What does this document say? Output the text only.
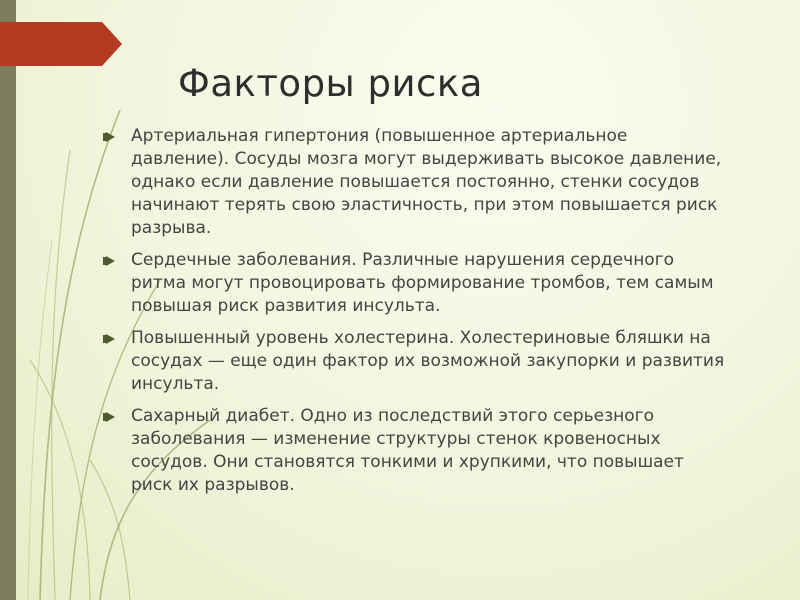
Факторы риска
Артериальная гипертония (повышенное артериальное давление). Сосуды мозга могут выдерживать высокое давление, однако если давление повышается постоянно, стенки сосудов начинают терять свою эластичность, при этом повышается риск разрыва.
Сердечные заболевания. Различные нарушения сердечного ритма могут провоцировать формирование тромбов, тем самым повышая риск развития инсульта.
Повышенный уровень холестерина. Холестериновые бляшки на сосудах — еще один фактор их возможной закупорки и развития инсульта.
Сахарный диабет. Одно из последствий этого серьезного заболевания — изменение структуры стенок кровеносных сосудов. Они становятся тонкими и хрупкими, что повышает риск их разрывов.
